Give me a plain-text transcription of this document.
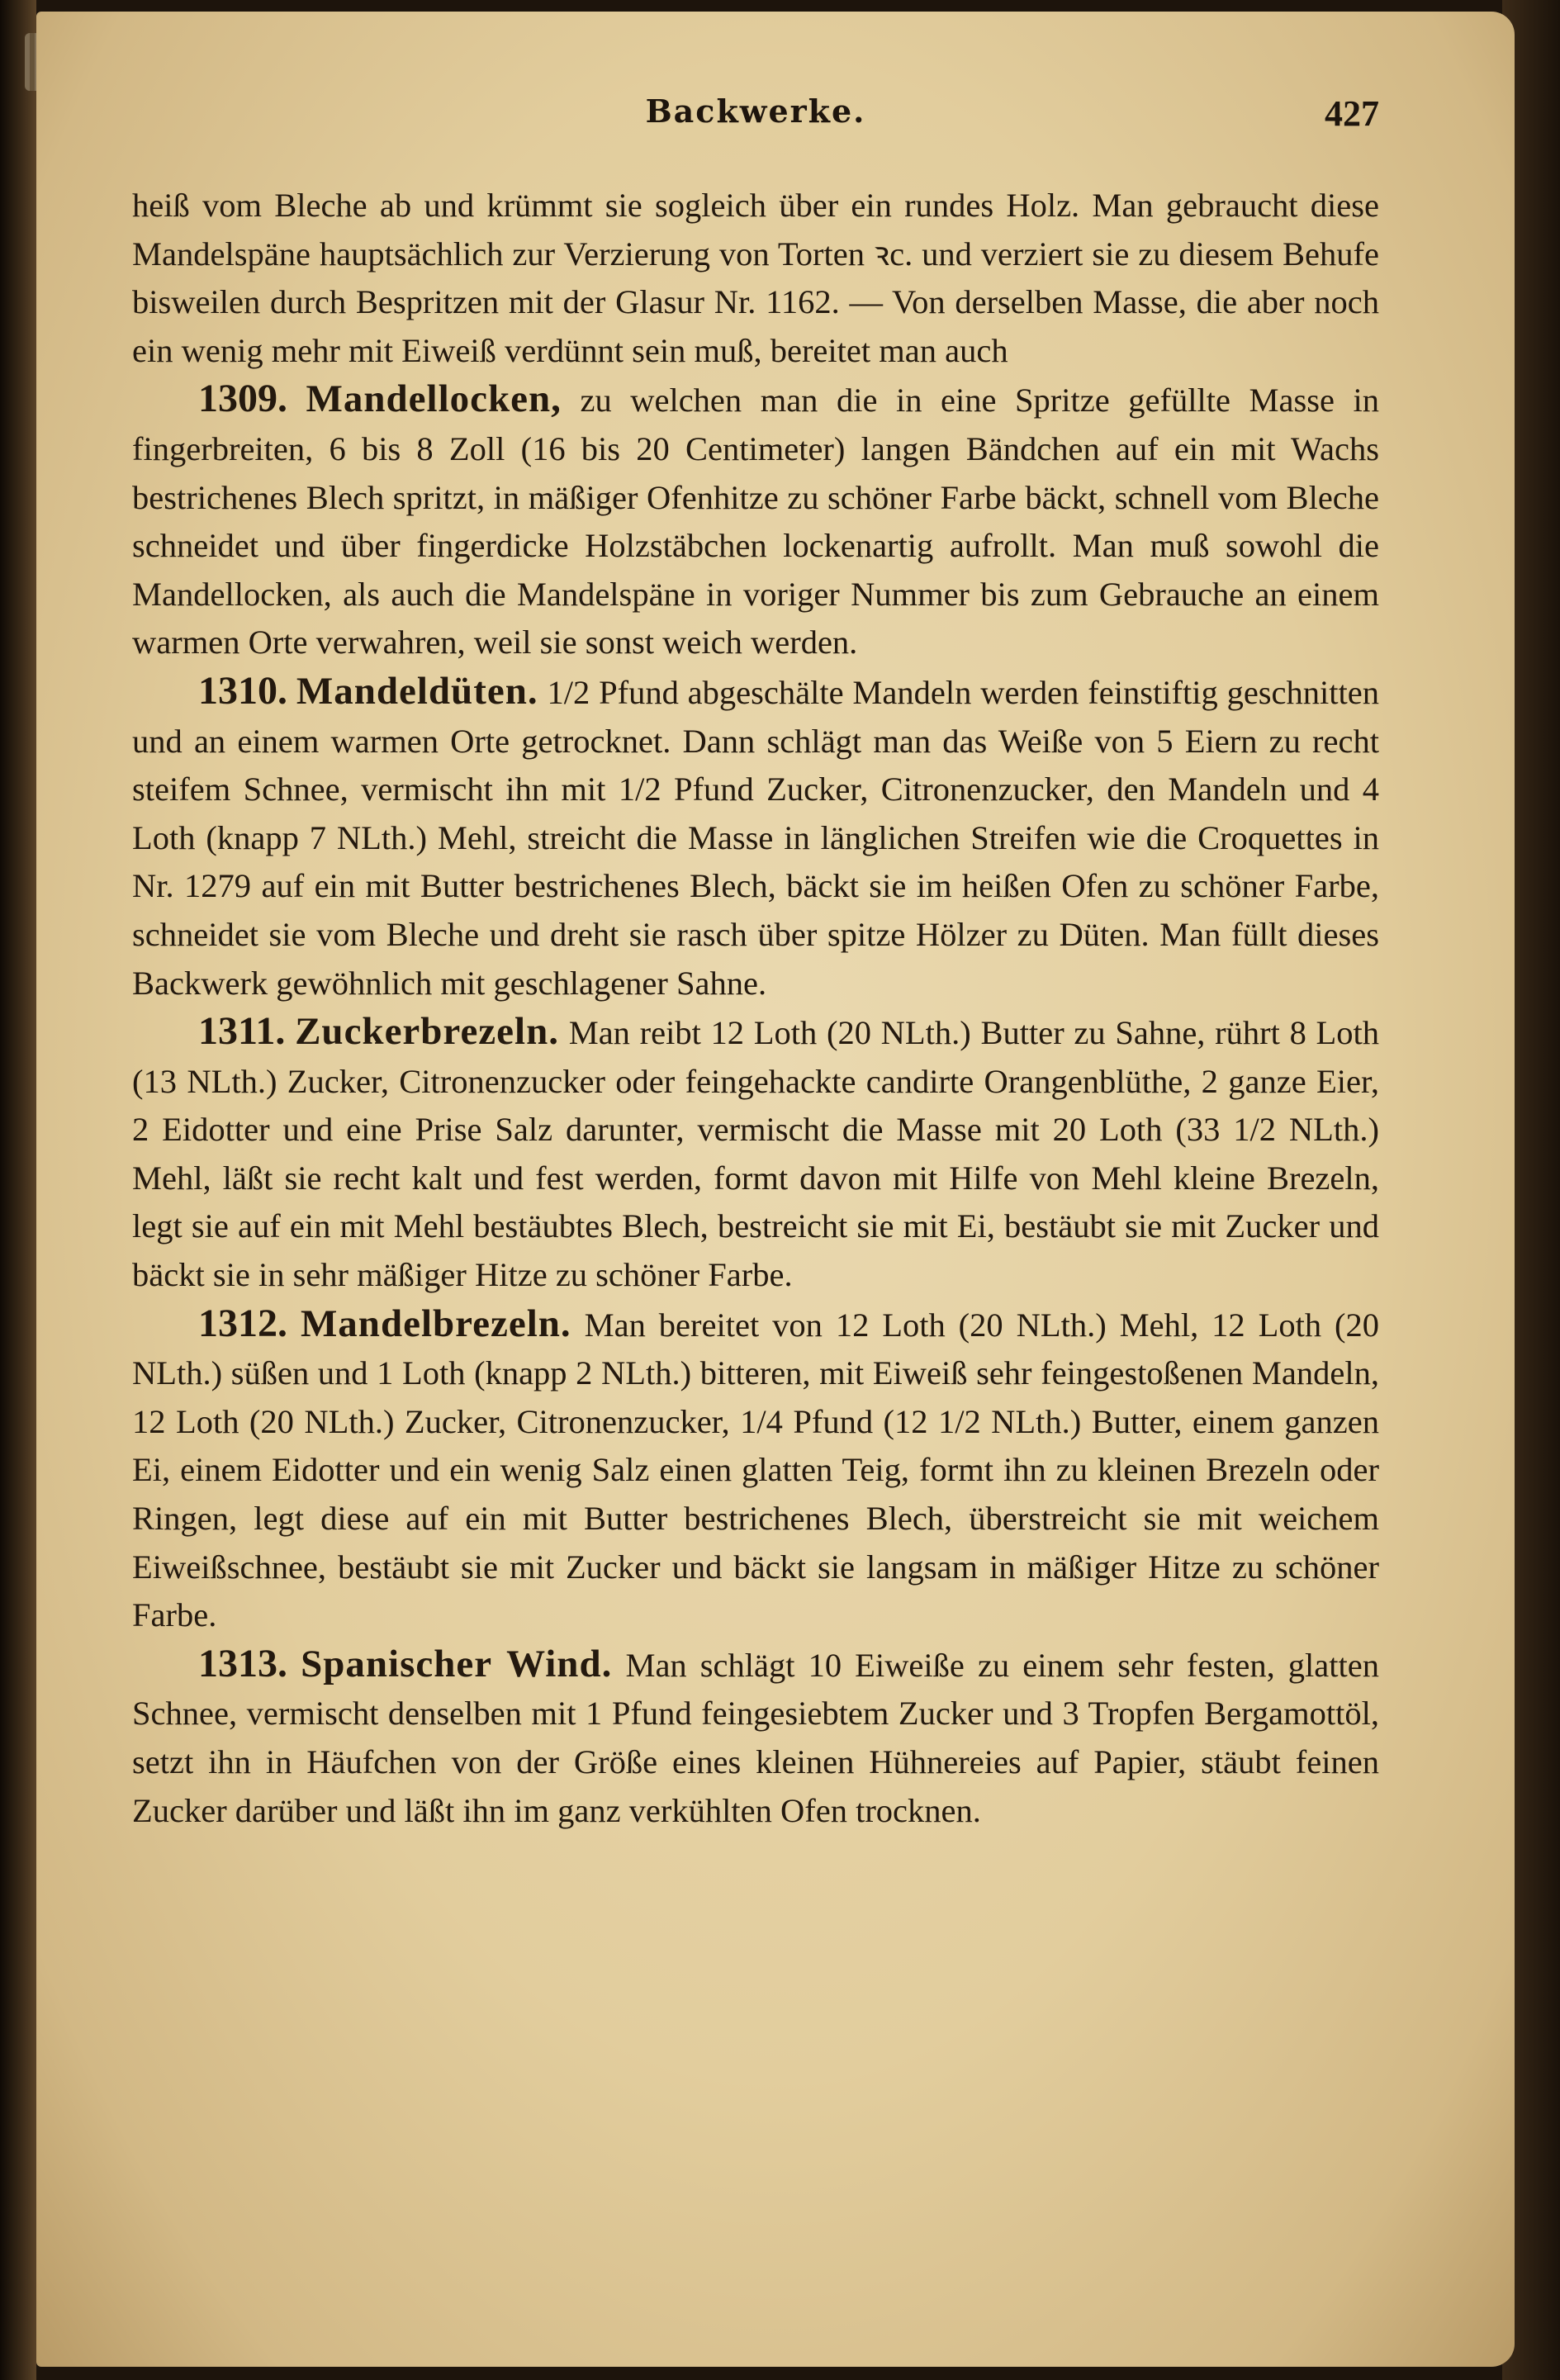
Backwerke.	427

heiß vom Bleche ab und krümmt sie sogleich über ein rundes Holz. Man gebraucht diese Mandelspäne hauptsächlich zur Verzierung von Torten ꝛc. und verziert sie zu diesem Behufe bisweilen durch Bespritzen mit der Glasur Nr. 1162. — Von derselben Masse, die aber noch ein wenig mehr mit Eiweiß verdünnt sein muß, bereitet man auch

1309. Mandellocken, zu welchen man die in eine Spritze gefüllte Masse in fingerbreiten, 6 bis 8 Zoll (16 bis 20 Centimeter) langen Bändchen auf ein mit Wachs bestrichenes Blech spritzt, in mäßiger Ofenhitze zu schöner Farbe bäckt, schnell vom Bleche schneidet und über fingerdicke Holzstäbchen lockenartig aufrollt. Man muß sowohl die Mandellocken, als auch die Mandelspäne in voriger Nummer bis zum Gebrauche an einem warmen Orte verwahren, weil sie sonst weich werden.

1310. Mandeldüten. 1/2 Pfund abgeschälte Mandeln werden feinstiftig geschnitten und an einem warmen Orte getrocknet. Dann schlägt man das Weiße von 5 Eiern zu recht steifem Schnee, vermischt ihn mit 1/2 Pfund Zucker, Citronenzucker, den Mandeln und 4 Loth (knapp 7 NLth.) Mehl, streicht die Masse in länglichen Streifen wie die Croquettes in Nr. 1279 auf ein mit Butter bestrichenes Blech, bäckt sie im heißen Ofen zu schöner Farbe, schneidet sie vom Bleche und dreht sie rasch über spitze Hölzer zu Düten. Man füllt dieses Backwerk gewöhnlich mit geschlagener Sahne.

1311. Zuckerbrezeln. Man reibt 12 Loth (20 NLth.) Butter zu Sahne, rührt 8 Loth (13 NLth.) Zucker, Citronenzucker oder feingehackte candirte Orangenblüthe, 2 ganze Eier, 2 Eidotter und eine Prise Salz darunter, vermischt die Masse mit 20 Loth (33 1/2 NLth.) Mehl, läßt sie recht kalt und fest werden, formt davon mit Hilfe von Mehl kleine Brezeln, legt sie auf ein mit Mehl bestäubtes Blech, bestreicht sie mit Ei, bestäubt sie mit Zucker und bäckt sie in sehr mäßiger Hitze zu schöner Farbe.

1312. Mandelbrezeln. Man bereitet von 12 Loth (20 NLth.) Mehl, 12 Loth (20 NLth.) süßen und 1 Loth (knapp 2 NLth.) bitteren, mit Eiweiß sehr feingestoßenen Mandeln, 12 Loth (20 NLth.) Zucker, Citronenzucker, 1/4 Pfund (12 1/2 NLth.) Butter, einem ganzen Ei, einem Eidotter und ein wenig Salz einen glatten Teig, formt ihn zu kleinen Brezeln oder Ringen, legt diese auf ein mit Butter bestrichenes Blech, überstreicht sie mit weichem Eiweißschnee, bestäubt sie mit Zucker und bäckt sie langsam in mäßiger Hitze zu schöner Farbe.

1313. Spanischer Wind. Man schlägt 10 Eiweiße zu einem sehr festen, glatten Schnee, vermischt denselben mit 1 Pfund feingesiebtem Zucker und 3 Tropfen Bergamottöl, setzt ihn in Häufchen von der Größe eines kleinen Hühnereies auf Papier, stäubt feinen Zucker darüber und läßt ihn im ganz verkühlten Ofen trocknen.
